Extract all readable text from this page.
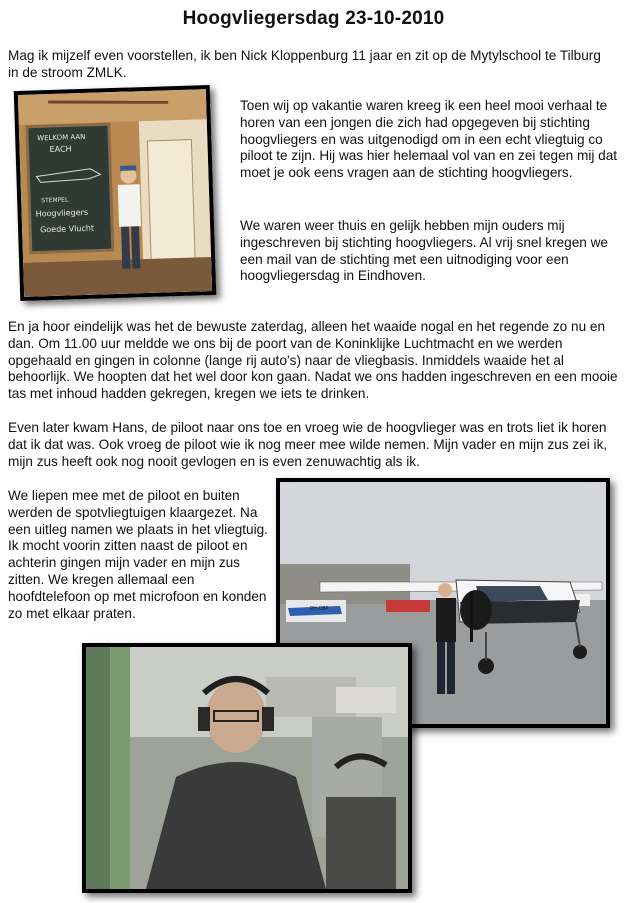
Hoogvliegersdag 23-10-2010

Mag ik mijzelf even voorstellen, ik ben Nick Kloppenburg 11 jaar en zit op de Mytylschool te Tilburg in de stroom ZMLK.

WELKOM AAN
EACH
STEMPEL
Hoogvliegers
Goede Vlucht

Toen wij op vakantie waren kreeg ik een heel mooi verhaal te horen van een jongen die zich had opgegeven bij stichting hoogvliegers en was uitgenodigd om in een echt vliegtuig co piloot te zijn. Hij was hier helemaal vol van en zei tegen mij dat moet je ook eens vragen aan de stichting hoogvliegers.

We waren weer thuis en gelijk hebben mijn ouders mij ingeschreven bij stichting hoogvliegers. Al vrij snel kregen we een mail van de stichting met een uitnodiging voor een hoogvliegersdag in Eindhoven.

En ja hoor eindelijk was het de bewuste zaterdag, alleen het waaide nogal en het regende zo nu en dan. Om 11.00 uur meldde we ons bij de poort van de Koninklijke Luchtmacht en we werden opgehaald en gingen in colonne (lange rij auto’s) naar de vliegbasis. Inmiddels waaide het al behoorlijk. We hoopten dat het wel door kon gaan. Nadat we ons hadden ingeschreven en een mooie tas met inhoud hadden gekregen, kregen we iets te drinken.

Even later kwam Hans, de piloot naar ons toe en vroeg wie de hoogvlieger was en trots liet ik horen dat ik dat was. Ook vroeg de piloot wie ik nog meer mee wilde nemen. Mijn vader en mijn zus zei ik, mijn zus heeft ook nog nooit gevlogen en is even zenuwachtig als ik.

We liepen mee met de piloot en buiten werden de spotvliegtuigen klaargezet. Na een uitleg namen we plaats in het vliegtuig. Ik mocht voorin zitten naast de piloot en achterin gingen mijn vader en mijn zus zitten. We kregen allemaal een hoofdtelefoon op met microfoon en konden zo met elkaar praten.	PH-CBP
